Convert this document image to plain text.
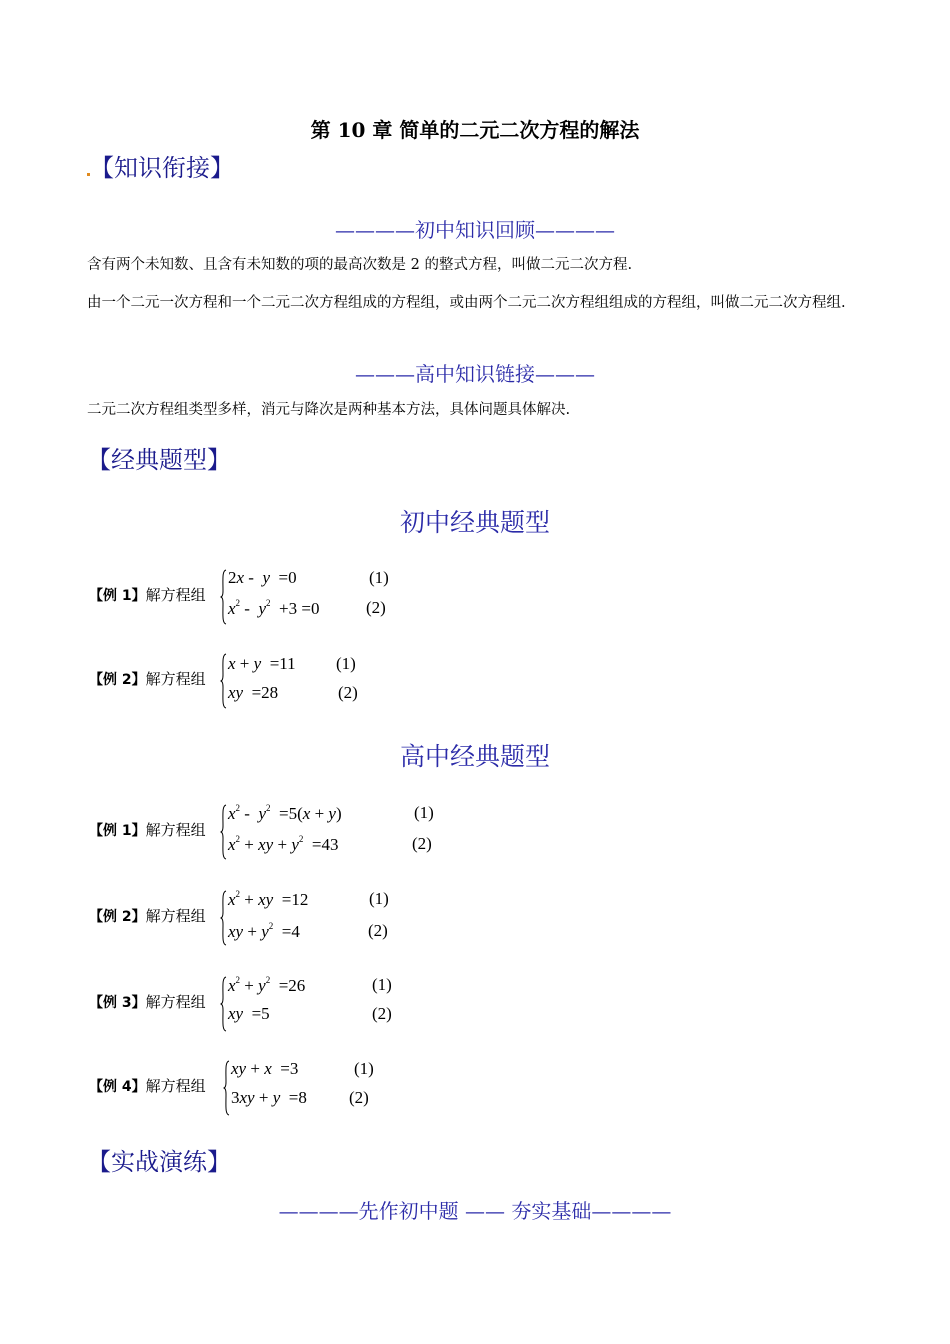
第 10 章 简单的二元二次方程的解法
【知识衔接】
————初中知识回顾————
含有两个未知数、且含有未知数的项的最高次数是 2 的整式方程，叫做二元二次方程.
由一个二元一次方程和一个二元二次方程组成的方程组，或由两个二元二次方程组组成的方程组，叫做二元二次方程组.
———高中知识链接———
二元二次方程组类型多样，消元与降次是两种基本方法，具体问题具体解决.
【经典题型】
初中经典题型
【例 1】解方程组
2x -  y  =0	(1)
$x^2 - y^2 +3 =0$	(2)
【例 2】解方程组
x + y  =11 (1)
xy  =28	(2)
高中经典题型
【例 1】解方程组
$x^2 - y^2 =5(x + y)$	(1)
$x^2$ + xy + $y^2 =43$	(2)
【例 2】解方程组
$x^2$ + xy  =12	(1)
xy + $y^2 =4$	(2)
【例 3】解方程组
$x^2 + y^2 =26$	(1)
xy  =5	(2)
【例 4】解方程组
xy + x  =3	(1)
3xy + y  =8 (2)
【实战演练】
————先作初中题 —— 夯实基础————
